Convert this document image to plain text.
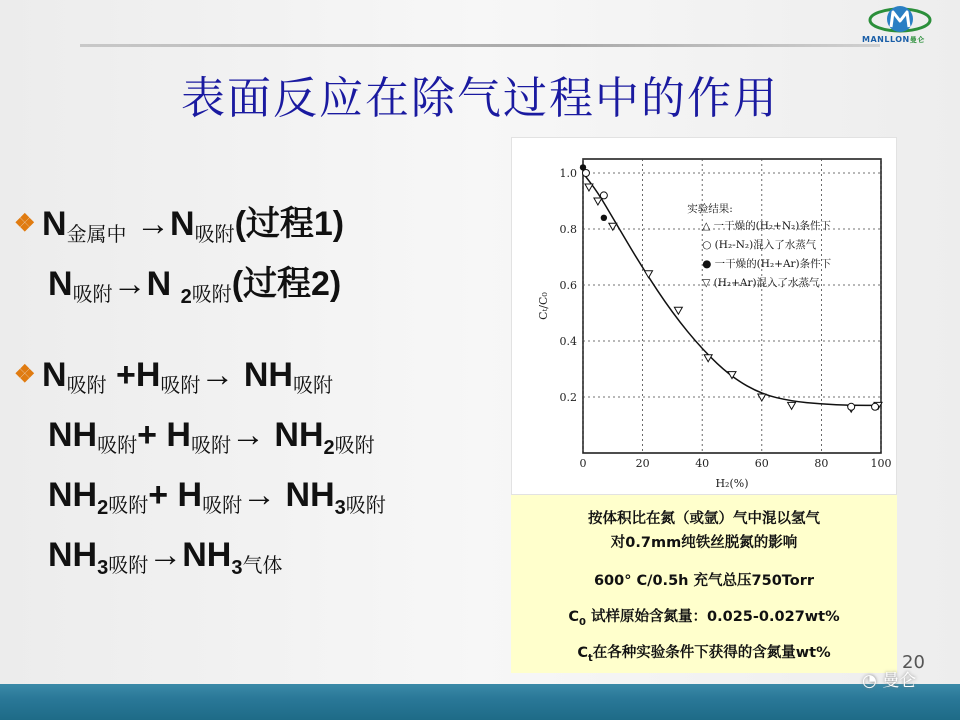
MANLLON曼仑
表面反应在除气过程中的作用
❖ $N_{金属中} \to N_{吸附}$(过程1)
$N_{吸附}\to N$ $_{2吸附}$(过程2)
❖ $N_{吸附} +H_{吸附}\to NH_{吸附}$
$NH_{吸附}+ H_{吸附}\to NH_{2吸附}$
$NH_{2吸附}+ H_{吸附}\to NH_{3吸附}$
$NH_{3吸附}\to NH_{3气体}$
0	20	40	60	80	100
0.2
0.4
0.6
0.8
1.0
H₂(%)
Cₜ/C₀
实验结果:
△ 一干燥的(H₂+N₂)条件下
○ (H₂-N₂)混入了水蒸气
● 一干燥的(H₂+Ar)条件下
▽ (H₂+Ar)混入了水蒸气
按体积比在氮（或氩）气中混以氢气
对0.7mm纯铁丝脱氮的影响
600° C/0.5h 充气总压750Torr
$C_0$ 试样原始含氮量：0.025-0.027wt%
$C_t$在各种实验条件下获得的含氮量wt%	20
◔ 曼仑
